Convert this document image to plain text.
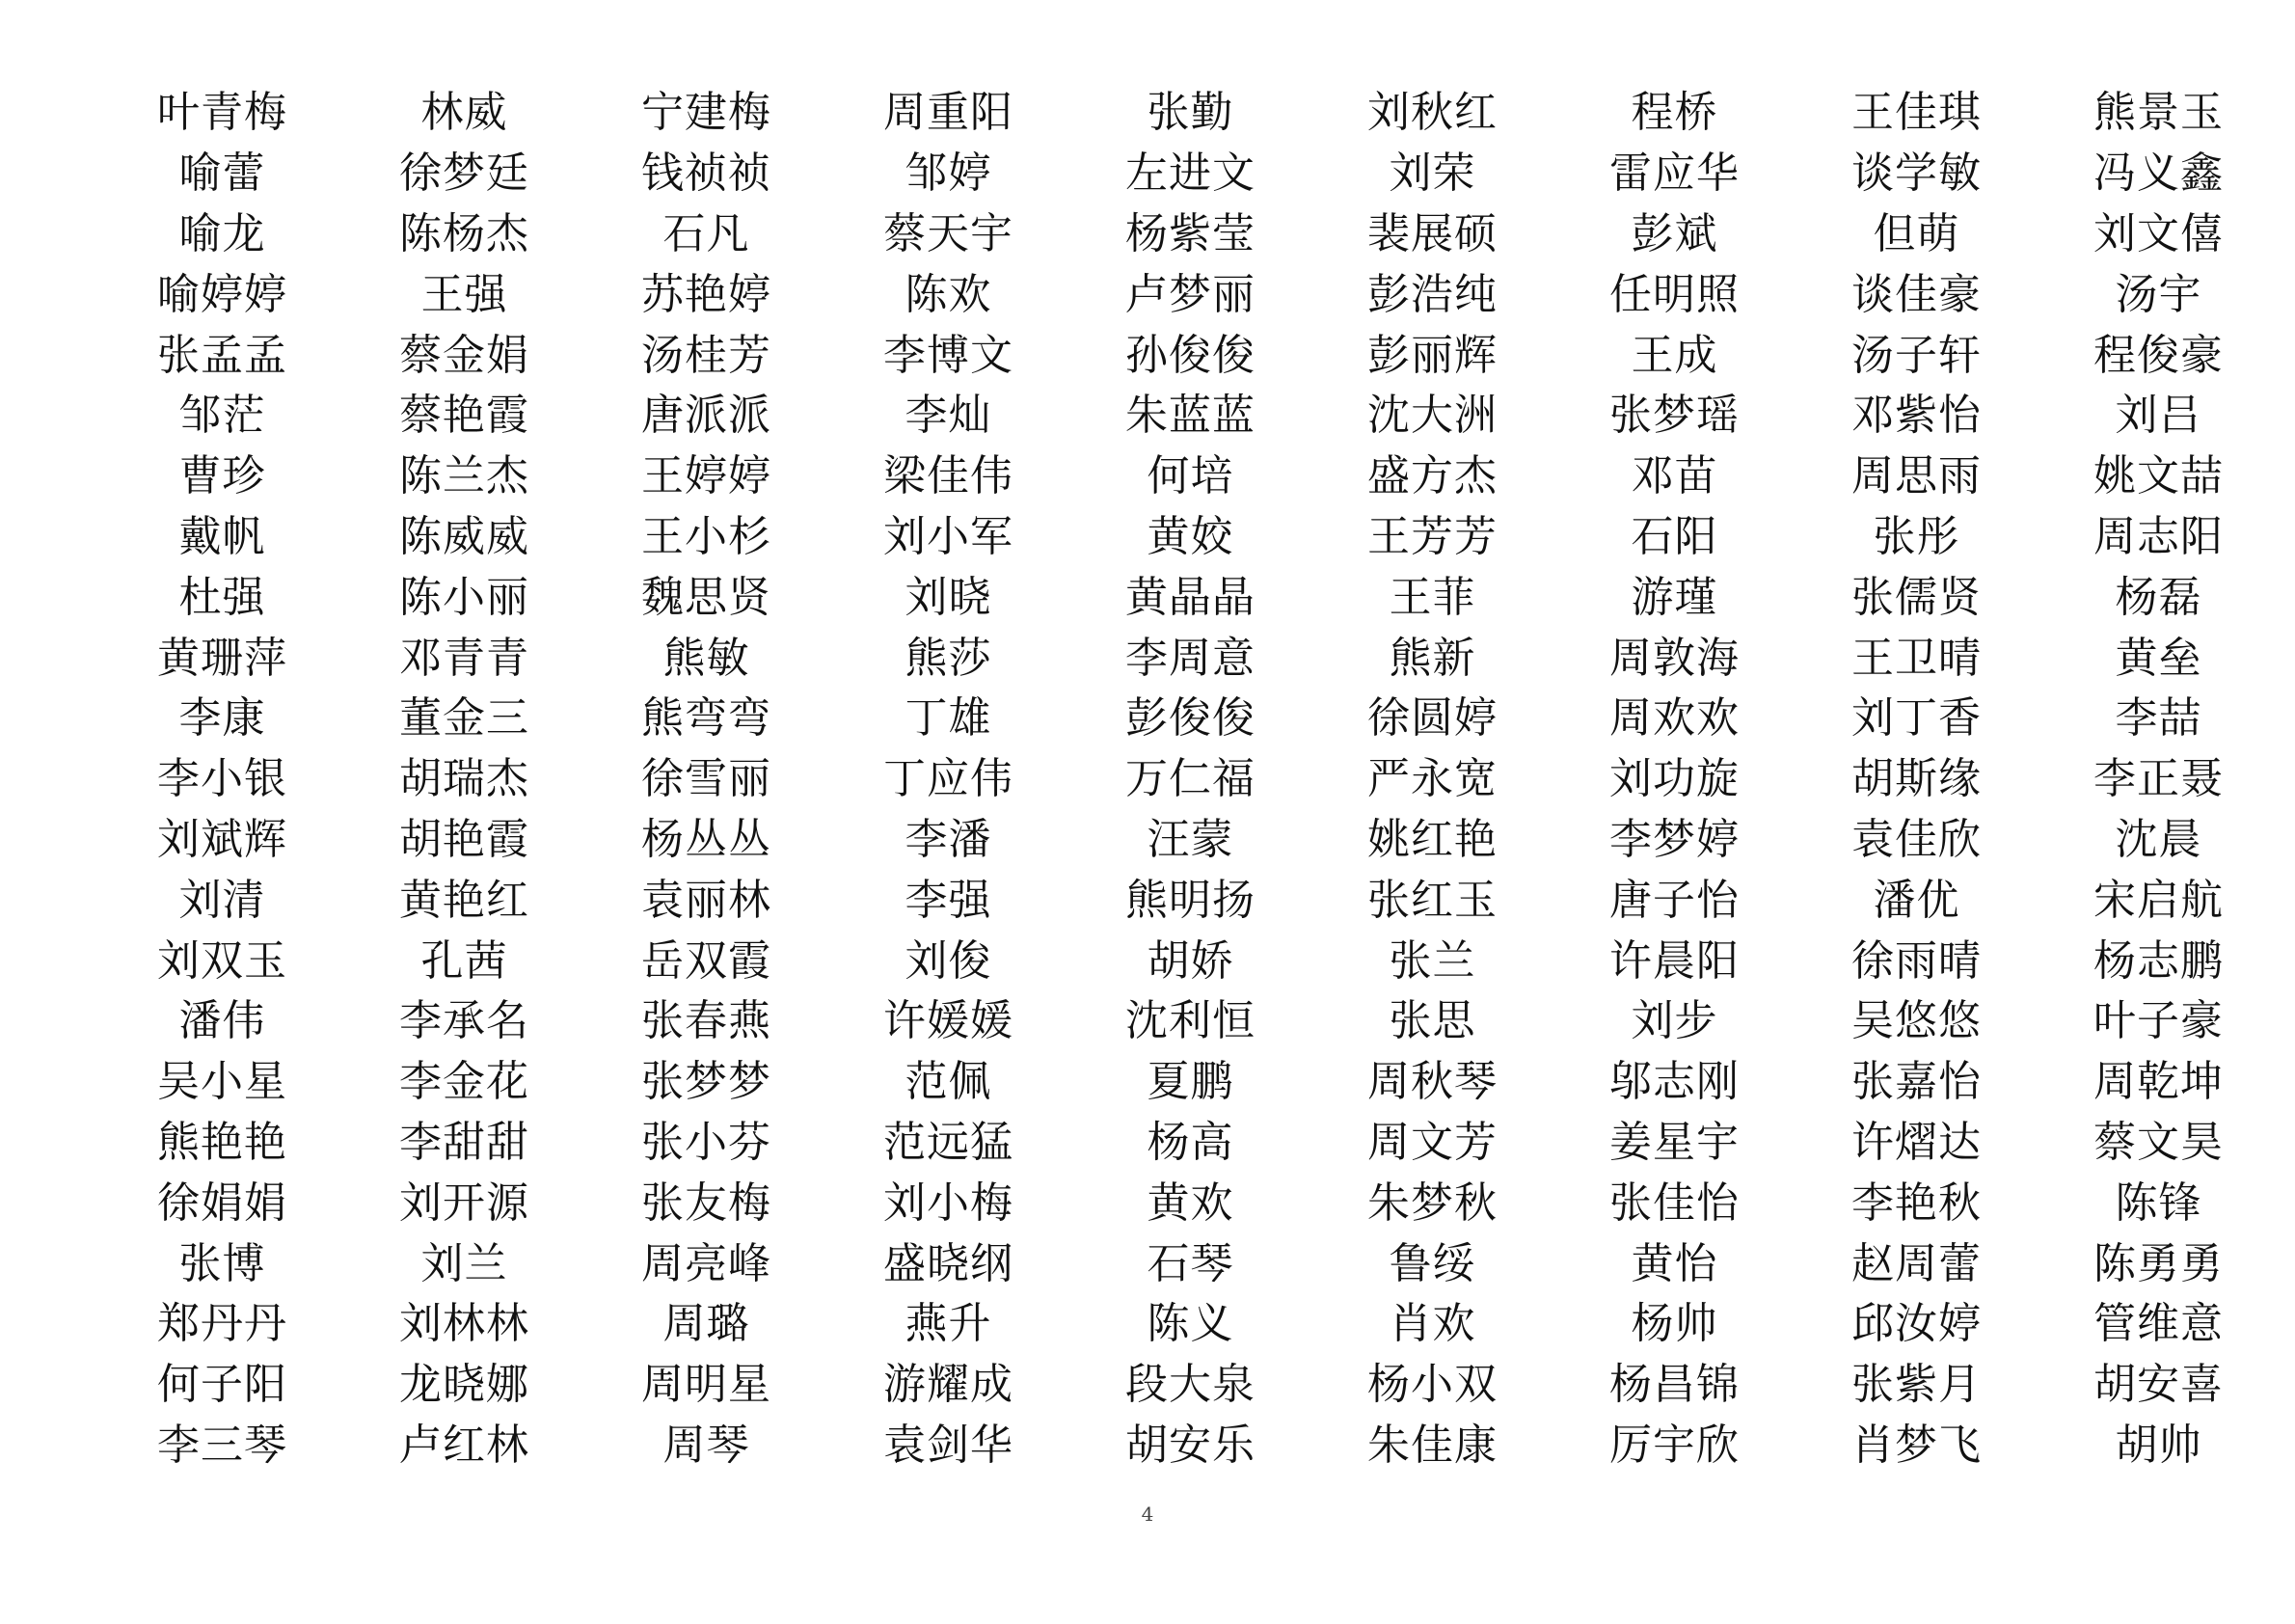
叶青梅	林威	宁建梅	周重阳	张勤	刘秋红	程桥	王佳琪	熊景玉
喻蕾	徐梦廷	钱祯祯	邹婷	左进文	刘荣	雷应华	谈学敏	冯义鑫
喻龙	陈杨杰	石凡	蔡天宇	杨紫莹	裴展硕	彭斌	但萌	刘文僖
喻婷婷	王强	苏艳婷	陈欢	卢梦丽	彭浩纯	任明照	谈佳豪	汤宇
张孟孟	蔡金娟	汤桂芳	李博文	孙俊俊	彭丽辉	王成	汤子轩	程俊豪
邹茫	蔡艳霞	唐派派	李灿	朱蓝蓝	沈大洲	张梦瑶	邓紫怡	刘吕
曹珍	陈兰杰	王婷婷	梁佳伟	何培	盛方杰	邓苗	周思雨	姚文喆
戴帆	陈威威	王小杉	刘小军	黄姣	王芳芳	石阳	张彤	周志阳
杜强	陈小丽	魏思贤	刘晓	黄晶晶	王菲	游瑾	张儒贤	杨磊
黄珊萍	邓青青	熊敏	熊莎	李周意	熊新	周敦海	王卫晴	黄垒
李康	董金三	熊弯弯	丁雄	彭俊俊	徐圆婷	周欢欢	刘丁香	李喆
李小银	胡瑞杰	徐雪丽	丁应伟	万仁福	严永宽	刘功旋	胡斯缘	李正聂
刘斌辉	胡艳霞	杨丛丛	李潘	汪蒙	姚红艳	李梦婷	袁佳欣	沈晨
刘清	黄艳红	袁丽林	李强	熊明扬	张红玉	唐子怡	潘优	宋启航
刘双玉	孔茜	岳双霞	刘俊	胡娇	张兰	许晨阳	徐雨晴	杨志鹏
潘伟	李承名	张春燕	许媛媛	沈利恒	张思	刘步	吴悠悠	叶子豪
吴小星	李金花	张梦梦	范佩	夏鹏	周秋琴	邬志刚	张嘉怡	周乾坤
熊艳艳	李甜甜	张小芬	范远猛	杨高	周文芳	姜星宇	许熠达	蔡文昊
徐娟娟	刘开源	张友梅	刘小梅	黄欢	朱梦秋	张佳怡	李艳秋	陈锋
张博	刘兰	周亮峰	盛晓纲	石琴	鲁绥	黄怡	赵周蕾	陈勇勇
郑丹丹	刘林林	周璐	燕升	陈义	肖欢	杨帅	邱汝婷	管维意
何子阳	龙晓娜	周明星	游耀成	段大泉	杨小双	杨昌锦	张紫月	胡安喜
李三琴	卢红林	周琴	袁剑华	胡安乐	朱佳康	厉宇欣	肖梦飞	胡帅
4
